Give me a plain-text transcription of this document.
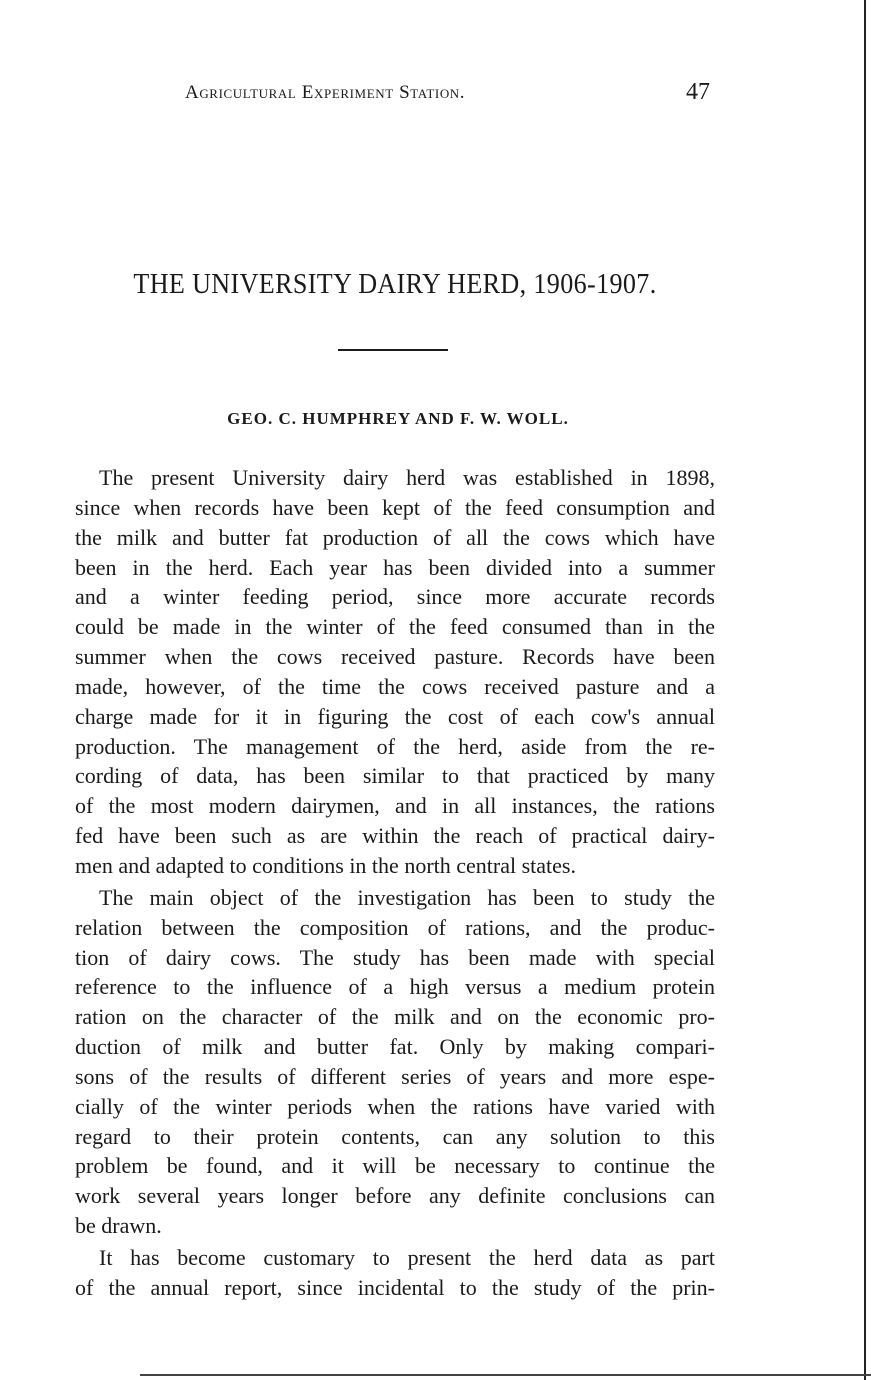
Agricultural Experiment Station.	47
THE UNIVERSITY DAIRY HERD, 1906-1907.
GEO. C. HUMPHREY AND F. W. WOLL.

The present University dairy herd was established in 1898,
since when records have been kept of the feed consumption and
the milk and butter fat production of all the cows which have
been in the herd. Each year has been divided into a summer
and a winter feeding period, since more accurate records
could be made in the winter of the feed consumed than in the
summer when the cows received pasture. Records have been
made, however, of the time the cows received pasture and a
charge made for it in figuring the cost of each cow's annual
production. The management of the herd, aside from the re-
cording of data, has been similar to that practiced by many
of the most modern dairymen, and in all instances, the rations
fed have been such as are within the reach of practical dairy-
men and adapted to conditions in the north central states.

The main object of the investigation has been to study the
relation between the composition of rations, and the produc-
tion of dairy cows. The study has been made with special
reference to the influence of a high versus a medium protein
ration on the character of the milk and on the economic pro-
duction of milk and butter fat. Only by making compari-
sons of the results of different series of years and more espe-
cially of the winter periods when the rations have varied with
regard to their protein contents, can any solution to this
problem be found, and it will be necessary to continue the
work several years longer before any definite conclusions can
be drawn.

It has become customary to present the herd data as part
of the annual report, since incidental to the study of the prin-
